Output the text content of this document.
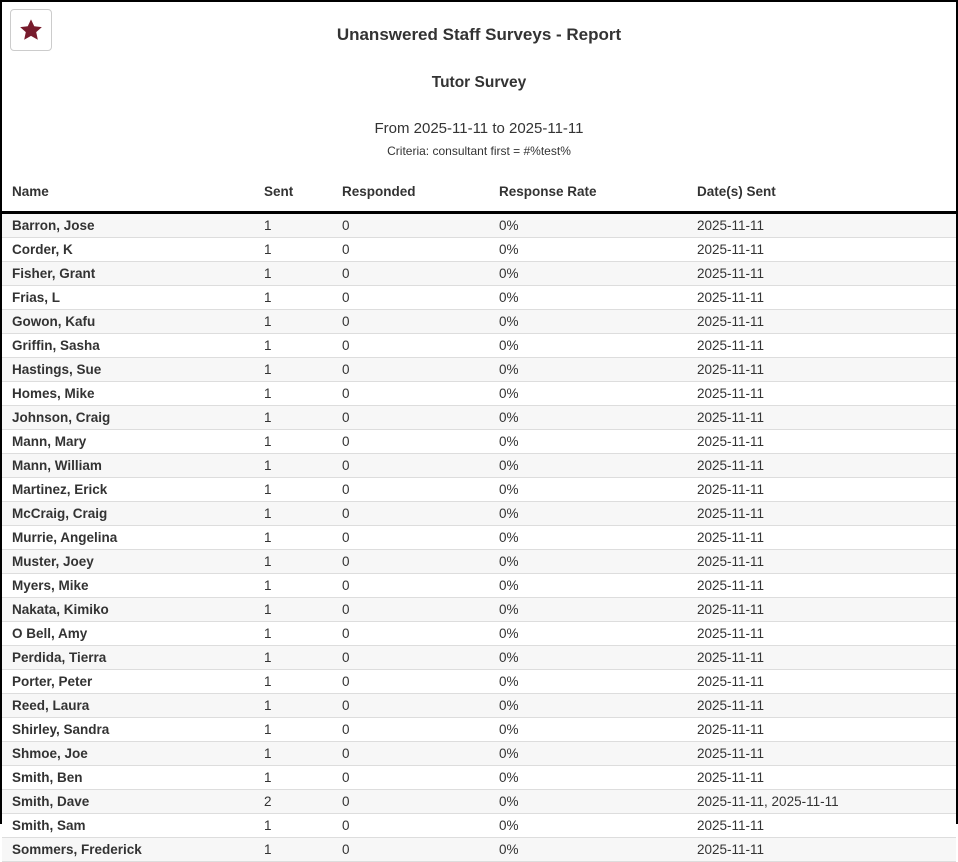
Unanswered Staff Surveys - Report
Tutor Survey
From 2025-11-11 to 2025-11-11
Criteria: consultant first = #%test%
Name	Sent	Responded	Response Rate	Date(s) Sent
Barron, Jose	1	0	0%	2025-11-11
Corder, K	1	0	0%	2025-11-11
Fisher, Grant	1	0	0%	2025-11-11
Frias, L	1	0	0%	2025-11-11
Gowon, Kafu	1	0	0%	2025-11-11
Griffin, Sasha	1	0	0%	2025-11-11
Hastings, Sue	1	0	0%	2025-11-11
Homes, Mike	1	0	0%	2025-11-11
Johnson, Craig	1	0	0%	2025-11-11
Mann, Mary	1	0	0%	2025-11-11
Mann, William	1	0	0%	2025-11-11
Martinez, Erick	1	0	0%	2025-11-11
McCraig, Craig	1	0	0%	2025-11-11
Murrie, Angelina	1	0	0%	2025-11-11
Muster, Joey	1	0	0%	2025-11-11
Myers, Mike	1	0	0%	2025-11-11
Nakata, Kimiko	1	0	0%	2025-11-11
O Bell, Amy	1	0	0%	2025-11-11
Perdida, Tierra	1	0	0%	2025-11-11
Porter, Peter	1	0	0%	2025-11-11
Reed, Laura	1	0	0%	2025-11-11
Shirley, Sandra	1	0	0%	2025-11-11
Shmoe, Joe	1	0	0%	2025-11-11
Smith, Ben	1	0	0%	2025-11-11
Smith, Dave	2	0	0%	2025-11-11, 2025-11-11
Smith, Sam	1	0	0%	2025-11-11
Sommers, Frederick	1	0	0%	2025-11-11
